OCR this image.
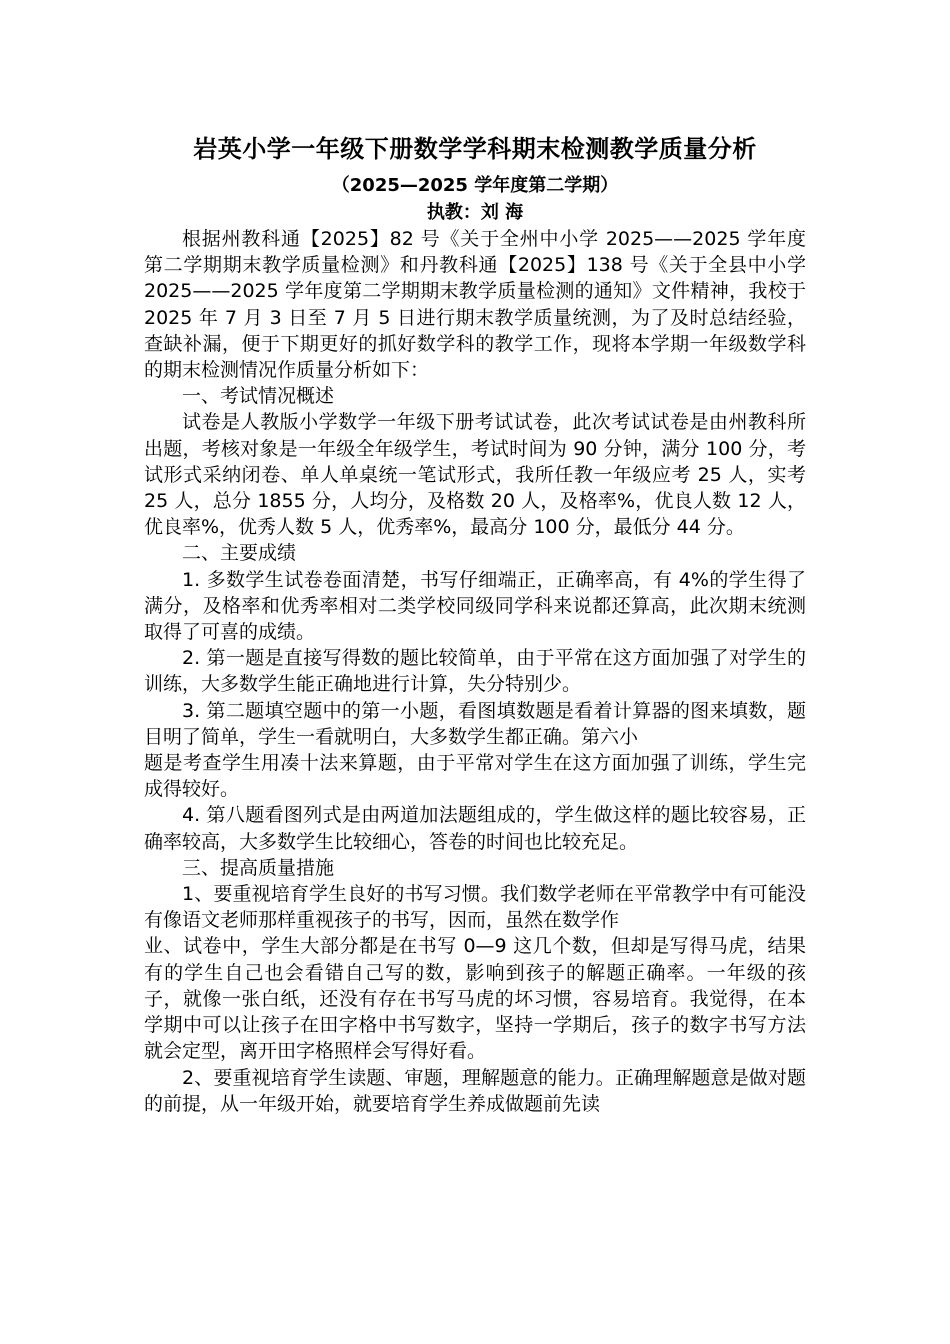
岩英小学一年级下册数学学科期末检测教学质量分析

（2025—2025 学年度第二学期）

执教：刘 海

根据州教科通【2025】82 号《关于全州中小学 2025——2025 学年度第二学期期末教学质量检测》和丹教科通【2025】138 号《关于全县中小学 2025——2025 学年度第二学期期末教学质量检测的通知》文件精神，我校于 2025 年 7 月 3 日至 7 月 5 日进行期末教学质量统测，为了及时总结经验，查缺补漏，便于下期更好的抓好数学科的教学工作，现将本学期一年级数学科的期末检测情况作质量分析如下：

一、考试情况概述

试卷是人教版小学数学一年级下册考试试卷，此次考试试卷是由州教科所出题，考核对象是一年级全年级学生，考试时间为 90 分钟，满分 100 分，考试形式采纳闭卷、单人单桌统一笔试形式，我所任教一年级应考 25 人，实考 25 人，总分 1855 分，人均分，及格数 20 人，及格率%，优良人数 12 人，优良率%，优秀人数 5 人，优秀率%，最高分 100 分，最低分 44 分。

二、主要成绩

1. 多数学生试卷卷面清楚，书写仔细端正，正确率高，有 4%的学生得了满分，及格率和优秀率相对二类学校同级同学科来说都还算高，此次期末统测取得了可喜的成绩。

2. 第一题是直接写得数的题比较简单，由于平常在这方面加强了对学生的训练，大多数学生能正确地进行计算，失分特别少。

3. 第二题填空题中的第一小题，看图填数题是看着计算器的图来填数，题目明了简单，学生一看就明白，大多数学生都正确。第六小

题是考查学生用凑十法来算题，由于平常对学生在这方面加强了训练，学生完成得较好。

4. 第八题看图列式是由两道加法题组成的，学生做这样的题比较容易，正确率较高，大多数学生比较细心，答卷的时间也比较充足。

三、提高质量措施

1、要重视培育学生良好的书写习惯。我们数学老师在平常教学中有可能没有像语文老师那样重视孩子的书写，因而，虽然在数学作

业、试卷中，学生大部分都是在书写 0—9 这几个数，但却是写得马虎，结果有的学生自己也会看错自己写的数，影响到孩子的解题正确率。一年级的孩子，就像一张白纸，还没有存在书写马虎的坏习惯，容易培育。我觉得，在本学期中可以让孩子在田字格中书写数字，坚持一学期后，孩子的数字书写方法就会定型，离开田字格照样会写得好看。

2、要重视培育学生读题、审题，理解题意的能力。正确理解题意是做对题的前提，从一年级开始，就要培育学生养成做题前先读
